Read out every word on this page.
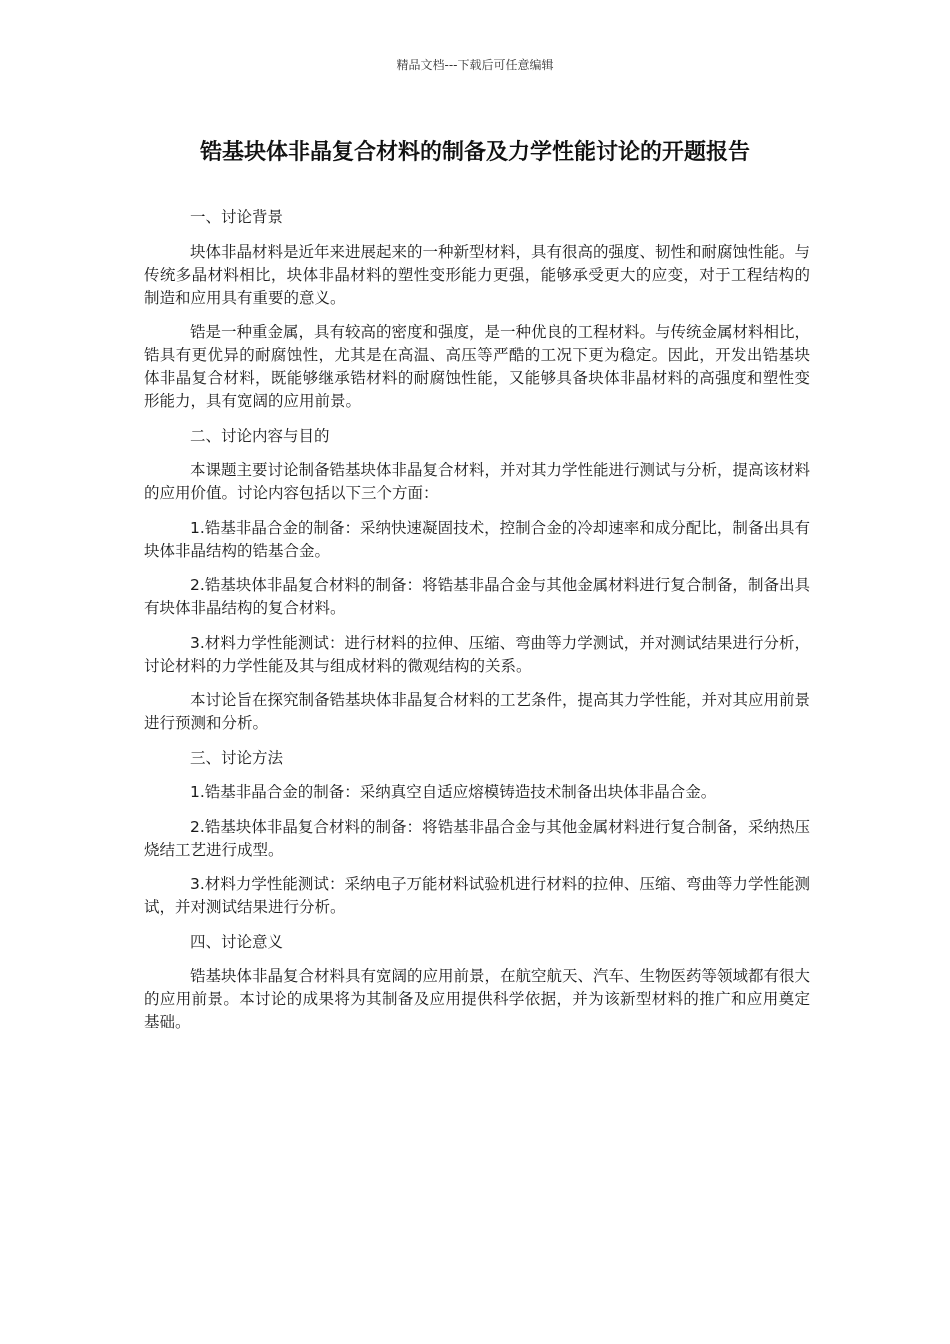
精品文档---下载后可任意编辑
锆基块体非晶复合材料的制备及力学性能讨论的开题报告

一、讨论背景

块体非晶材料是近年来进展起来的一种新型材料，具有很高的强度、韧性和耐腐蚀性能。与传统多晶材料相比，块体非晶材料的塑性变形能力更强，能够承受更大的应变，对于工程结构的制造和应用具有重要的意义。

锆是一种重金属，具有较高的密度和强度，是一种优良的工程材料。与传统金属材料相比，锆具有更优异的耐腐蚀性，尤其是在高温、高压等严酷的工况下更为稳定。因此，开发出锆基块体非晶复合材料，既能够继承锆材料的耐腐蚀性能，又能够具备块体非晶材料的高强度和塑性变形能力，具有宽阔的应用前景。

二、讨论内容与目的

本课题主要讨论制备锆基块体非晶复合材料，并对其力学性能进行测试与分析，提高该材料的应用价值。讨论内容包括以下三个方面：

1.锆基非晶合金的制备：采纳快速凝固技术，控制合金的冷却速率和成分配比，制备出具有块体非晶结构的锆基合金。

2.锆基块体非晶复合材料的制备：将锆基非晶合金与其他金属材料进行复合制备，制备出具有块体非晶结构的复合材料。

3.材料力学性能测试：进行材料的拉伸、压缩、弯曲等力学测试，并对测试结果进行分析，讨论材料的力学性能及其与组成材料的微观结构的关系。

本讨论旨在探究制备锆基块体非晶复合材料的工艺条件，提高其力学性能，并对其应用前景进行预测和分析。

三、讨论方法

1.锆基非晶合金的制备：采纳真空自适应熔模铸造技术制备出块体非晶合金。

2.锆基块体非晶复合材料的制备：将锆基非晶合金与其他金属材料进行复合制备，采纳热压烧结工艺进行成型。

3.材料力学性能测试：采纳电子万能材料试验机进行材料的拉伸、压缩、弯曲等力学性能测试，并对测试结果进行分析。

四、讨论意义

锆基块体非晶复合材料具有宽阔的应用前景，在航空航天、汽车、生物医药等领域都有很大的应用前景。本讨论的成果将为其制备及应用提供科学依据，并为该新型材料的推广和应用奠定基础。
